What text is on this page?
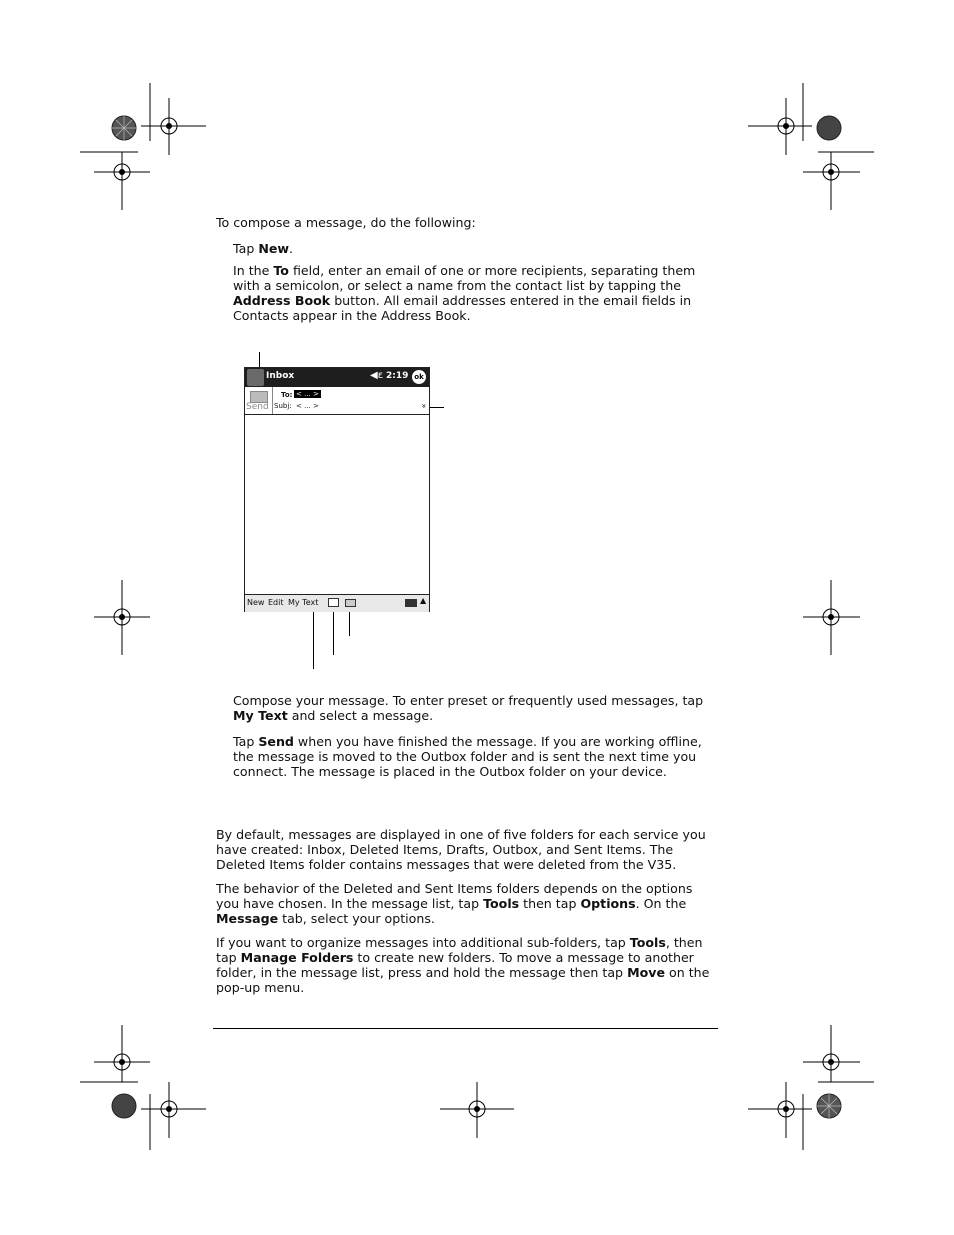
To compose a message, do the following:
Tap New.
In the To field, enter an email of one or more recipients, separating them with a semicolon, or select a name from the contact list by tapping the Address Book button. All email addresses entered in the email fields in Contacts appear in the Address Book.
Inbox	◀ε 2:19 ok
Send
To: < ... >
Subj: < ... >	»
New Edit My Text	▲
Compose your message. To enter preset or frequently used messages, tap My Text and select a message.
Tap Send when you have finished the message. If you are working offline, the message is moved to the Outbox folder and is sent the next time you connect. The message is placed in the Outbox folder on your device.
By default, messages are displayed in one of five folders for each service you have created: Inbox, Deleted Items, Drafts, Outbox, and Sent Items. The Deleted Items folder contains messages that were deleted from the V35.
The behavior of the Deleted and Sent Items folders depends on the options you have chosen. In the message list, tap Tools then tap Options. On the Message tab, select your options.
If you want to organize messages into additional sub-folders, tap Tools, then tap Manage Folders to create new folders. To move a message to another folder, in the message list, press and hold the message then tap Move on the pop-up menu.
